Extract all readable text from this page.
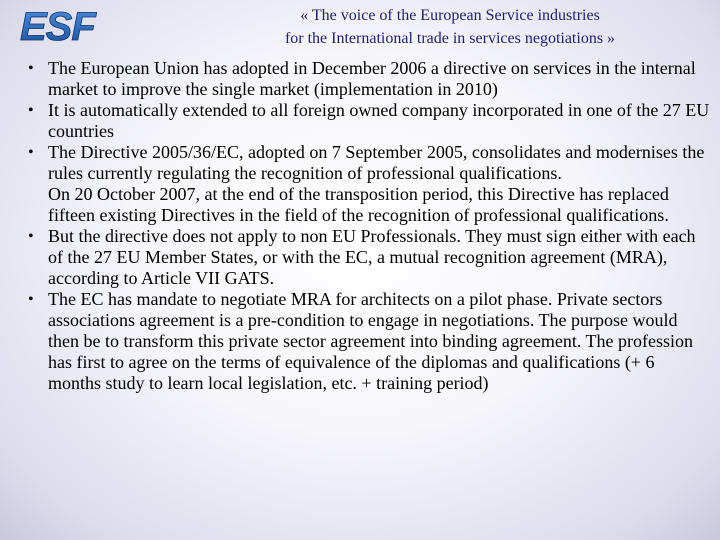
ESF	« The voice of the European Service industries
for the International trade in services negotiations »
• The European Union has adopted in December 2006 a directive on services in the internal market to improve the single market (implementation in 2010)
• It is automatically extended to all foreign owned company incorporated in one of the 27 EU countries
• The Directive 2005/36/EC, adopted on 7 September 2005, consolidates and modernises the rules currently regulating the recognition of professional qualifications.
On 20 October 2007, at the end of the transposition period, this Directive has replaced fifteen existing Directives in the field of the recognition of professional qualifications.
• But the directive does not apply to non EU Professionals. They must sign either with each of the 27 EU Member States, or with the EC, a mutual recognition agreement (MRA), according to Article VII GATS.
• The EC has mandate to negotiate MRA for architects on a pilot phase. Private sectors associations agreement is a pre-condition to engage in negotiations. The purpose would then be to transform this private sector agreement into binding agreement. The profession has first to agree on the terms of equivalence of the diplomas and qualifications (+ 6 months study to learn local legislation, etc. + training period)
